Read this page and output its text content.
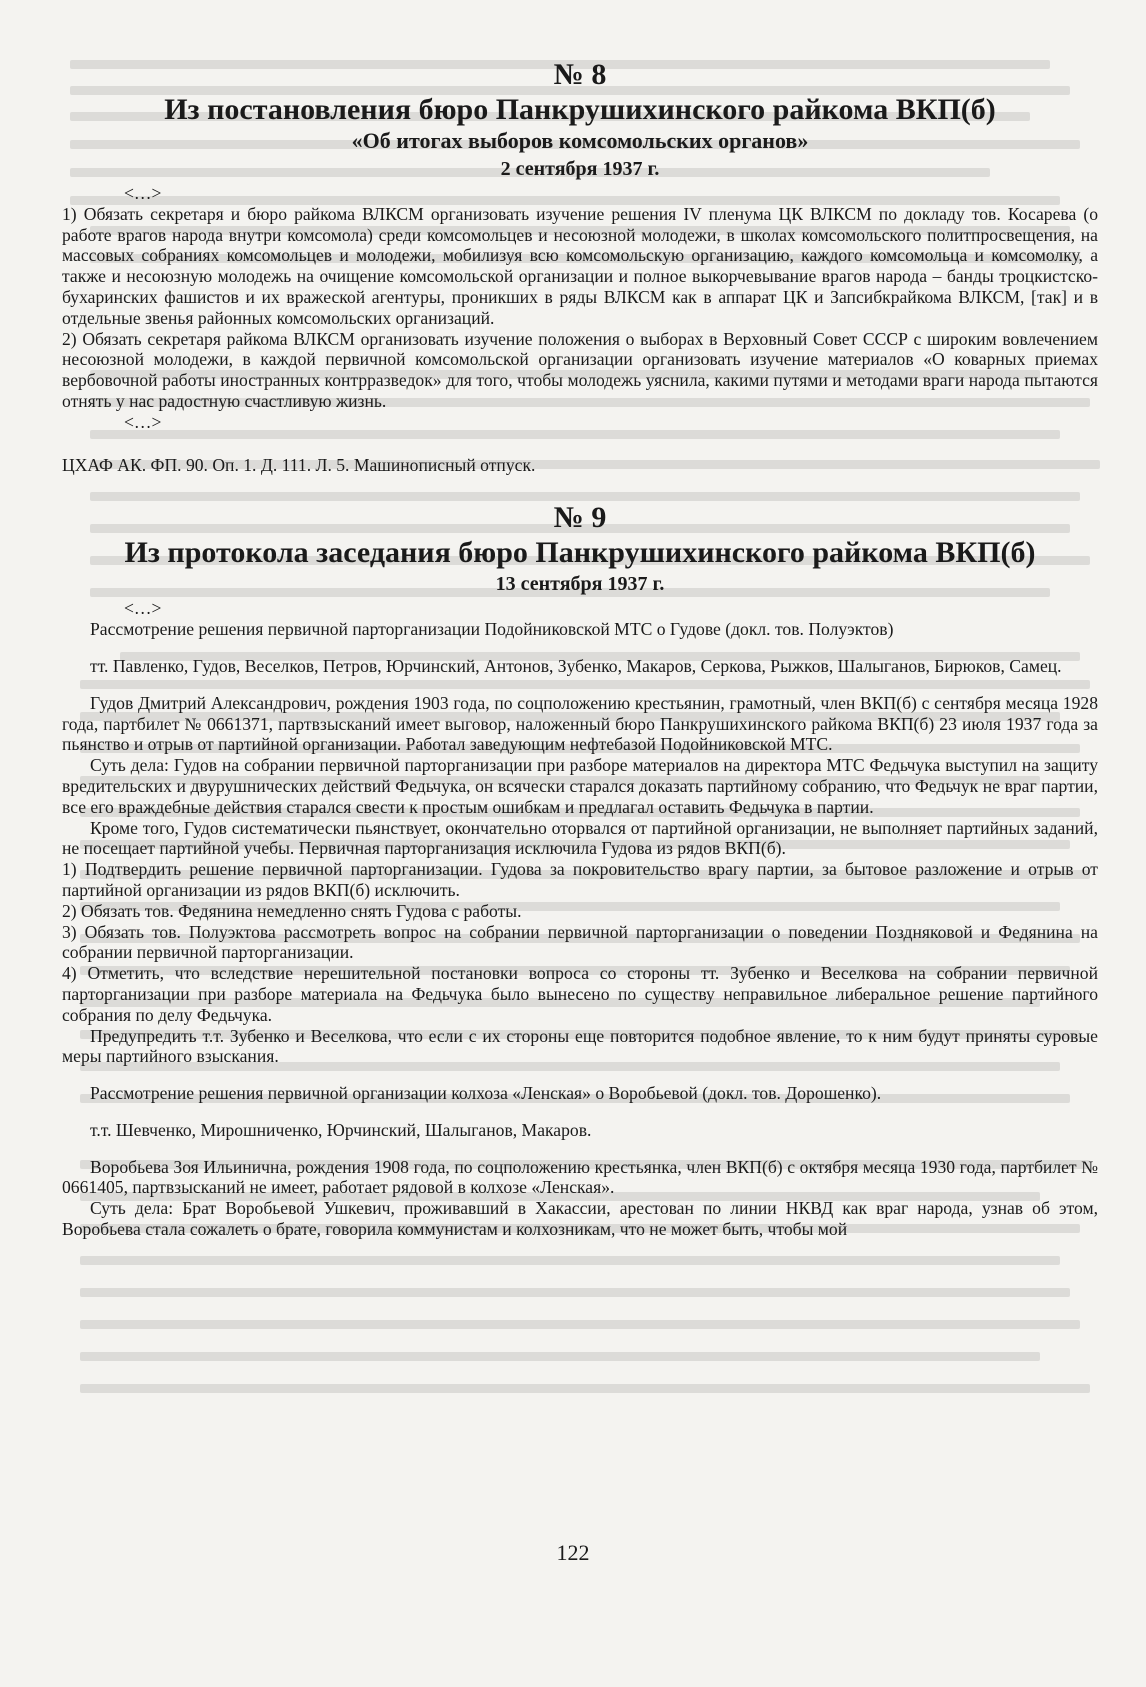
№ 8
Из постановления бюро Панкрушихинского райкома ВКП(б)
«Об итогах выборов комсомольских органов»
2 сентября 1937 г.

<…>

1) Обязать секретаря и бюро райкома ВЛКСМ организовать изучение решения IV пленума ЦК ВЛКСМ по докладу тов. Косарева (о работе врагов народа внутри комсомола) среди комсомольцев и несоюзной молодежи, в школах комсомольского политпросвещения, на массовых собраниях комсомольцев и молодежи, мобилизуя всю комсомольскую организацию, каждого комсомольца и комсомолку, а также и несоюзную молодежь на очищение комсомольской организации и полное выкорчевывание врагов народа – банды троцкистско-бухаринских фашистов и их вражеской агентуры, проникших в ряды ВЛКСМ как в аппарат ЦК и Запсибкрайкома ВЛКСМ, [так] и в отдельные звенья районных комсомольских организаций.

2) Обязать секретаря райкома ВЛКСМ организовать изучение положения о выборах в Верховный Совет СССР с широким вовлечением несоюзной молодежи, в каждой первичной комсомольской организации организовать изучение материалов «О коварных приемах вербовочной работы иностранных контрразведок» для того, чтобы молодежь уяснила, какими путями и методами враги народа пытаются отнять у нас радостную счастливую жизнь.

<…>

ЦХАФ АК. ФП. 90. Оп. 1. Д. 111. Л. 5. Машинописный отпуск.

№ 9
Из протокола заседания бюро Панкрушихинского райкома ВКП(б)
13 сентября 1937 г.

<…>

Рассмотрение решения первичной парторганизации Подойниковской МТС о Гудове (докл. тов. Полуэктов)

тт. Павленко, Гудов, Веселков, Петров, Юрчинский, Антонов, Зубенко, Макаров, Серкова, Рыжков, Шалыганов, Бирюков, Самец.

Гудов Дмитрий Александрович, рождения 1903 года, по соцположению крестьянин, грамотный, член ВКП(б) с сентября месяца 1928 года, партбилет № 0661371, партвзысканий имеет выговор, наложенный бюро Панкрушихинского райкома ВКП(б) 23 июля 1937 года за пьянство и отрыв от партийной организации. Работал заведующим нефтебазой Подойниковской МТС.

Суть дела: Гудов на собрании первичной парторганизации при разборе материалов на директора МТС Федьчука выступил на защиту вредительских и двурушнических действий Федьчука, он всячески старался доказать партийному собранию, что Федьчук не враг партии, все его враждебные действия старался свести к простым ошибкам и предлагал оставить Федьчука в партии.

Кроме того, Гудов систематически пьянствует, окончательно оторвался от партийной организации, не выполняет партийных заданий, не посещает партийной учебы. Первичная парторганизация исключила Гудова из рядов ВКП(б).

1) Подтвердить решение первичной парторганизации. Гудова за покровительство врагу партии, за бытовое разложение и отрыв от партийной организации из рядов ВКП(б) исключить.

2) Обязать тов. Федянина немедленно снять Гудова с работы.

3) Обязать тов. Полуэктова рассмотреть вопрос на собрании первичной парторганизации о поведении Поздняковой и Федянина на собрании первичной парторганизации.

4) Отметить, что вследствие нерешительной постановки вопроса со стороны тт. Зубенко и Веселкова на собрании первичной парторганизации при разборе материала на Федьчука было вынесено по существу неправильное либеральное решение партийного собрания по делу Федьчука.

Предупредить т.т. Зубенко и Веселкова, что если с их стороны еще повторится подобное явление, то к ним будут приняты суровые меры партийного взыскания.

Рассмотрение решения первичной организации колхоза «Ленская» о Воробьевой (докл. тов. Дорошенко).

т.т. Шевченко, Мирошниченко, Юрчинский, Шалыганов, Макаров.

Воробьева Зоя Ильинична, рождения 1908 года, по соцположению крестьянка, член ВКП(б) с октября месяца 1930 года, партбилет № 0661405, партвзысканий не имеет, работает рядовой в колхозе «Ленская».

Суть дела: Брат Воробьевой Ушкевич, проживавший в Хакассии, арестован по линии НКВД как враг народа, узнав об этом, Воробьева стала сожалеть о брате, говорила коммунистам и колхозникам, что не может быть, чтобы мой

122
